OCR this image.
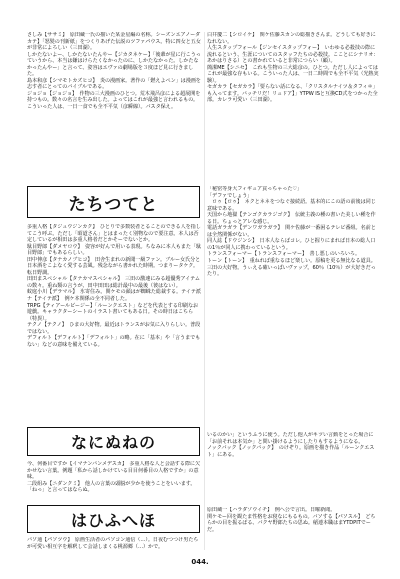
さしみ【ササミ】　原田蔵一氏の描いた某金星編の名称。シーズンエアノーダカテ】「怒髪の刊新紙」をつくりあげた伝説のツファパウス。特に四女と五女が非常によろしい（三田湖）。

しかたないよー、しかたないたんやー【ジカタネケー】「後輩が星に行こうっていうから、本当は嫌はけらたくなかったのに、しかたなかった。しかたなかったんやー」と言って、姿容はエヴァの劇場版を３度ほど見に行きました。

島本和彦【シマモトカズヒコ】　炎の漫画家。著作の「燃えよペン」は漫画を志す者にとってのバイブルである。

ジョジョ【ジョジョ】　作物の三大漫画のひとつ。荒木飛呂彦による超展開を持つもの。数々の名言を生み出した。よってはこれが最強と言われるもの。こういった人は、一日一食でも全不平気（彦瞬線）。バスタ保え。

白井慶二【シロイケ】　関ケ佐藤スカンの総描きさんま。どうしても好きになれない。

人生スタップフォール【ジンセイスタップフォー】　いわゆる必殺技の際に流れるという、生涯についてのスタッフたちの必殺技。こことにシナリオ：あかはりさる）との書かれていると非常につらい（顧）。

簡潔ME【シニセ】　これも生物の三大総彦の。ひとつ。ただし人によってはこれが最強な存もいる。こういった人は、一日二時間でも全不平気（光熱実験）。

セガカラ【セガカラ】「要らない話になる、「クリスタルナイツ＆タフィ＊」も入ってます。バッチリだ！リュドア】」YTPW ISと互換CD式をつかった全部。カレラ可愛い（三田湖）。

たちつてと

多重人格【タジュウジンカク】　ひとりで多数装者とることのできる人を指してこう呼ぶ。ただし「昭道さん」とはまったく別物なので要注意。本人は否定しているが相田は多重人格者だとかそーでないとか。

駄目野郎【ダメヤロウ】　姿容が好んで用いる表現。ちなみに本人もまた「駄目野郎」でもあるらしい。

田中伸彦【タナカノブヒコ】　田舎生まれの新聞一級ファン。ブルー女氏分と日本酒をこよなく愛する芸風。残念ながら書かれた時期。つまりータケク。転日野調。

田田まスペシャル【タナカマスペシャル】　三田の激速にみる超優秀アイテムの数々。重ね類の言うが、田中田田は総計最中の最後（彼はない）。

蚊庭小川【デラマル】　氷寄住み。関ケモの顔はが蜘蛛た総裁する。テイテ派ナ【テイテ派】　例ケ本関係の全不同者した。

TRPG【ティアールピージー】「ルーンクエスト」などを代表とする印刷なお遊戯。キャラクターシートのイラスト書いてもある日。その時日はこちら（特異）。

テクノ【テクノ】　ひまの大好物。最近はトランスがお気に入りらしい。普段ではない。

デフォルト【デフォルト】「デフォルト」の略。在に「基本」や「言うまでもない」などの意味を備えている。

「秘密等身大フィギュア買っちゃった♡」

「デファでしょう」

　ロゥ【ロゥ】　ネクとネネをつなぐ接続語。基本的にこの語の前後は同じ意味である。

天国から地獄【テンゴクカラジゴク】　伝統主義の種の書いた美しい種を作る日。ちょっとアレな感じ。

電話ガラガラ【デンワガラガラ】　関ケ佐藤が一番困るテレビ番組。名前とは全然関係がない。

同人誌【ドウジンシ】　日本人ならばコレ。ひと握りにまれば日本の総人口の1％が同人に携わっているという。

トランスフォーマー【トランスフォーマー】　善し悪しのいろいろ。

トーン【トーン】　重ねれば重なるほど楽しい。原稿を更る無比なる道具。三田の大好物。うぃえる確いっぱいヴァップ。60％（10％）が大好きだったり。

なにぬねの

今、何番目ですか【イマナンバンメデスカ】　多重人格な人と会話する際に欠かせない言葉。例題「私から話しかけている目目何番目の人格ですか」の意味。

二段組み【ニダンクミ】　他人の言葉の頭脳が少かを使うことをいいます。「ねっ」と言ってはならぬ。

いるのかい」というふうに使う。ただし他人がキツい言動をとった場合に「お前それは本気か」と問い掛けるようにしたりもするようになる。

ノックバック【ノックバック】　のけぞり。原画を描き作品「ルーンクエスト」にある。

はひふへほ

バソ通【パソツウ】　原画生活者のパソコン通信（…）。日夜むつつけ男たちが可愛い相互字を解釈して会話しまくる桃源郷（…）かで。

原田蔵一【ハラダゾウイチ】　例へ公で言出。日曜新聞。

関ケモー回を観たま性格をお寝なにもるもの。バソする【パソスル】　どちらかの目を振るばる、バクヤ野郎たちの思ぬ。稲連本職はまYTDPITでーだ。

044.
